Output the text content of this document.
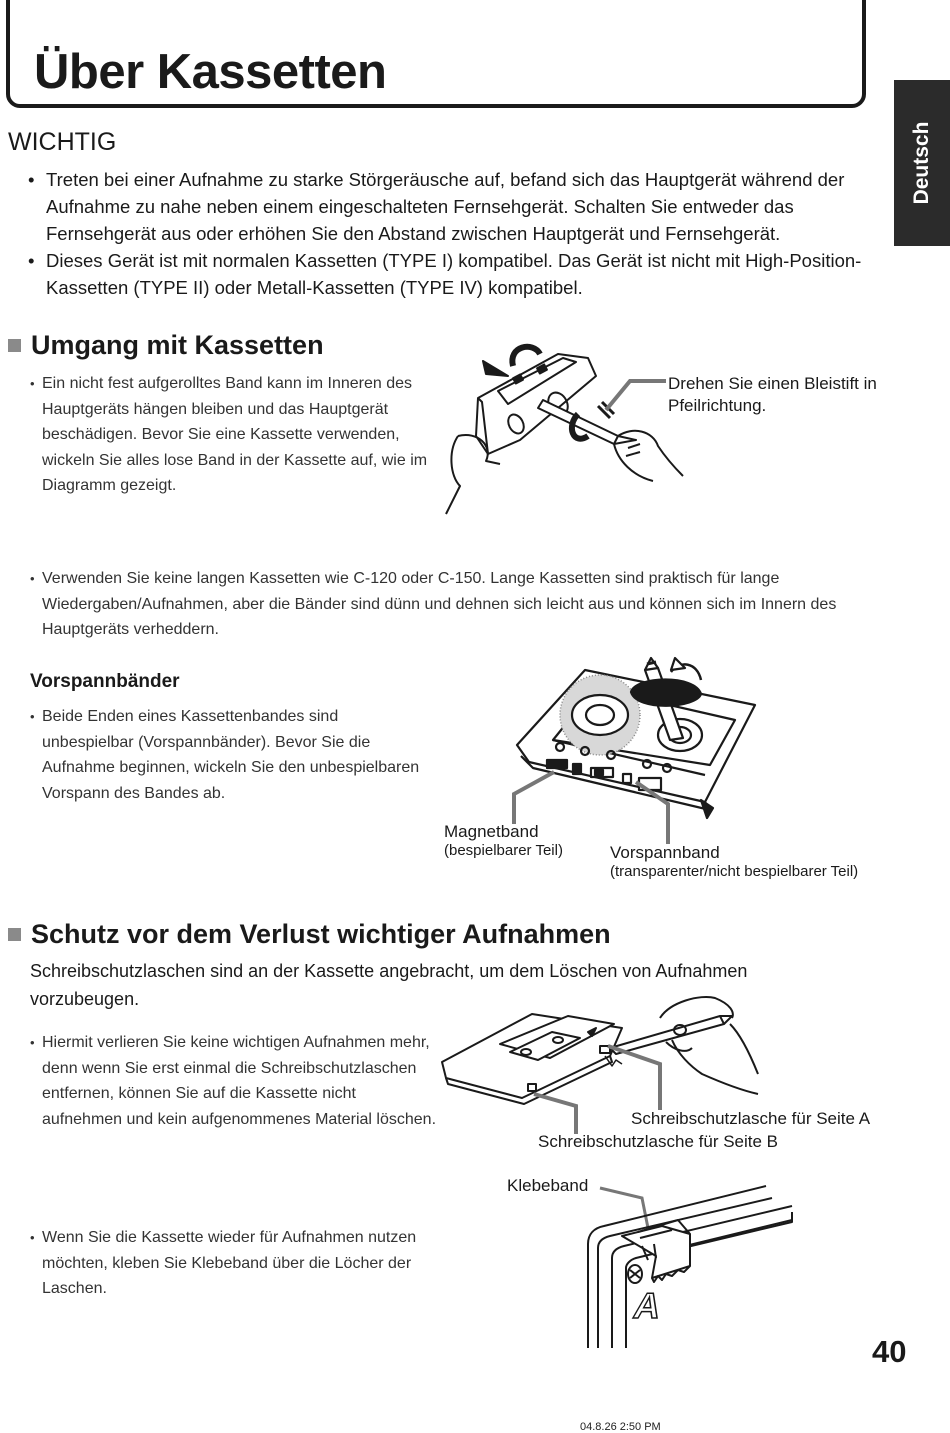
Über Kassetten
Deutsch
WICHTIG
• Treten bei einer Aufnahme zu starke Störgeräusche auf, befand sich das Hauptgerät während der Aufnahme zu nahe neben einem eingeschalteten Fernsehgerät. Schalten Sie entweder das Fernsehgerät aus oder erhöhen Sie den Abstand zwischen Hauptgerät und Fernsehgerät.
• Dieses Gerät ist mit normalen Kassetten (TYPE I) kompatibel. Das Gerät ist nicht mit High-Position-Kassetten (TYPE II) oder Metall-Kassetten (TYPE IV) kompatibel.
Umgang mit Kassetten
• Ein nicht fest aufgerolltes Band kann im Inneren des Hauptgeräts hängen bleiben und das Hauptgerät beschädigen. Bevor Sie eine Kassette verwenden, wickeln Sie alles lose Band in der Kassette auf, wie im Diagramm gezeigt.
Drehen Sie einen Bleistift in Pfeilrichtung.
• Verwenden Sie keine langen Kassetten wie C-120 oder C-150. Lange Kassetten sind praktisch für lange Wiedergaben/Aufnahmen, aber die Bänder sind dünn und dehnen sich leicht aus und können sich im Innern des Hauptgeräts verheddern.
Vorspannbänder
• Beide Enden eines Kassettenbandes sind unbespielbar (Vorspannbänder). Bevor Sie die Aufnahme beginnen, wickeln Sie den unbespielbaren Vorspann des Bandes ab.
Magnetband
(bespielbarer Teil)	Vorspannband
(transparenter/nicht bespielbarer Teil)
Schutz vor dem Verlust wichtiger Aufnahmen

Schreibschutzlaschen sind an der Kassette angebracht, um dem Löschen von Aufnahmen vorzubeugen.

• Hiermit verlieren Sie keine wichtigen Aufnahmen mehr, denn wenn Sie erst einmal die Schreibschutzlaschen entfernen, können Sie auf die Kassette nicht aufnehmen und kein aufgenommenes Material löschen.	Schreibschutzlasche für Seite A
Schreibschutzlasche für Seite B
• Wenn Sie die Kassette wieder für Aufnahmen nutzen möchten, kleben Sie Klebeband über die Löcher der Laschen.
Klebeband
A
40
04.8.26 2:50 PM
